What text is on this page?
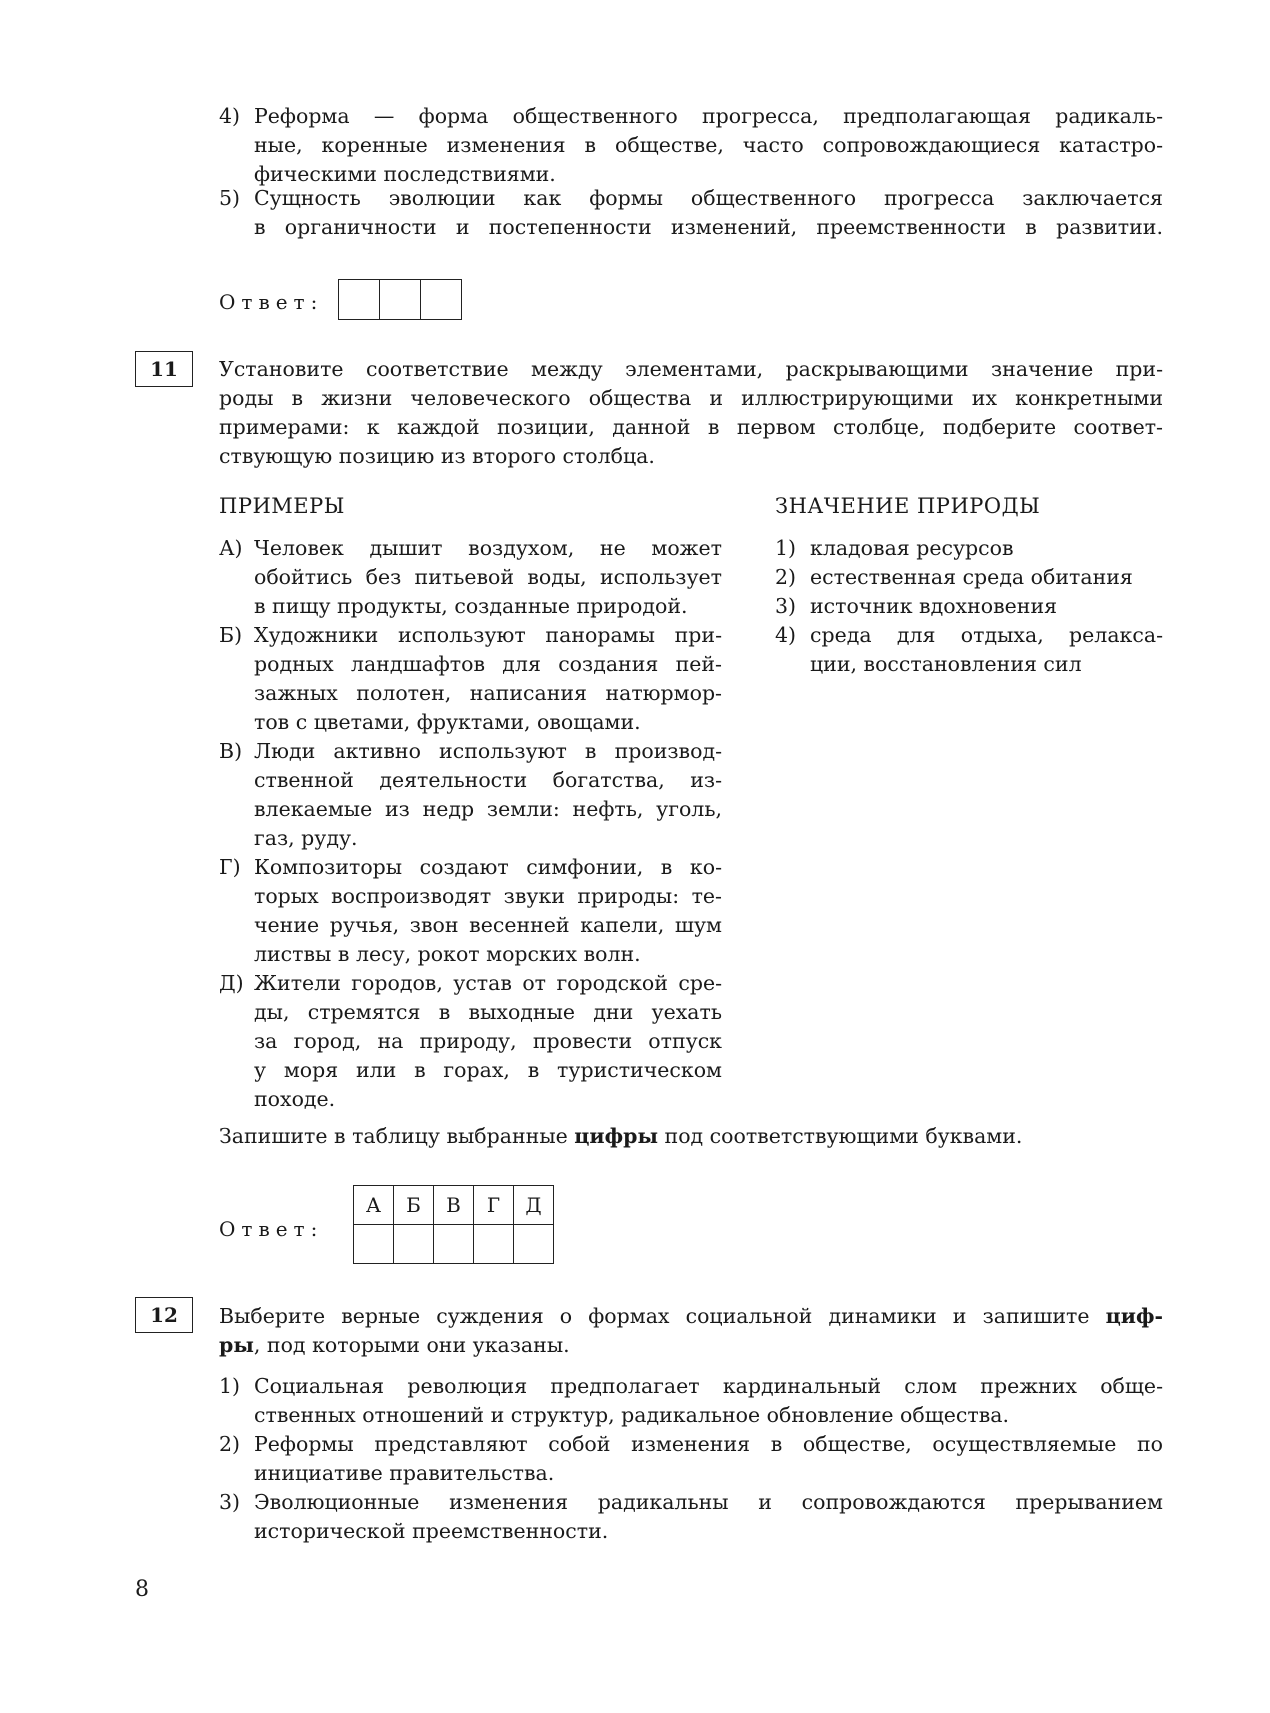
4) Реформа — форма общественного прогресса, предполагающая радикаль-
ные, коренные изменения в обществе, часто сопровождающиеся катастро-
фическими последствиями.
5) Сущность эволюции как формы общественного прогресса заключается
в органичности и постепенности изменений, преемственности в развитии.
Ответ:
11 Установите соответствие между элементами, раскрывающими значение при-
роды в жизни человеческого общества и иллюстрирующими их конкретными
примерами: к каждой позиции, данной в первом столбце, подберите соответ-
ствующую позицию из второго столбца.
ПРИМЕРЫ	ЗНАЧЕНИЕ ПРИРОДЫ
А) Человек дышит воздухом, не может
обойтись без питьевой воды, использует
в пищу продукты, созданные природой.
Б) Художники используют панорамы при-
родных ландшафтов для создания пей-
зажных полотен, написания натюрмор-
тов с цветами, фруктами, овощами.
В) Люди активно используют в производ-
ственной деятельности богатства, из-
влекаемые из недр земли: нефть, уголь,
газ, руду.
Г) Композиторы создают симфонии, в ко-
торых воспроизводят звуки природы: те-
чение ручья, звон весенней капели, шум
листвы в лесу, рокот морских волн.
Д) Жители городов, устав от городской сре-
ды, стремятся в выходные дни уехать
за город, на природу, провести отпуск
у моря или в горах, в туристическом
походе.
1) кладовая ресурсов
2) естественная среда обитания
3) источник вдохновения
4) среда для отдыха, релакса-
ции, восстановления сил
Запишите в таблицу выбранные цифры под соответствующими буквами.
Ответ:
А	Б	В	Г	Д

12 Выберите верные суждения о формах социальной динамики и запишите циф-
ры, под которыми они указаны.
1) Социальная революция предполагает кардинальный слом прежних обще-
ственных отношений и структур, радикальное обновление общества.
2) Реформы представляют собой изменения в обществе, осуществляемые по
инициативе правительства.
3) Эволюционные изменения радикальны и сопровождаются прерыванием
исторической преемственности.
8
